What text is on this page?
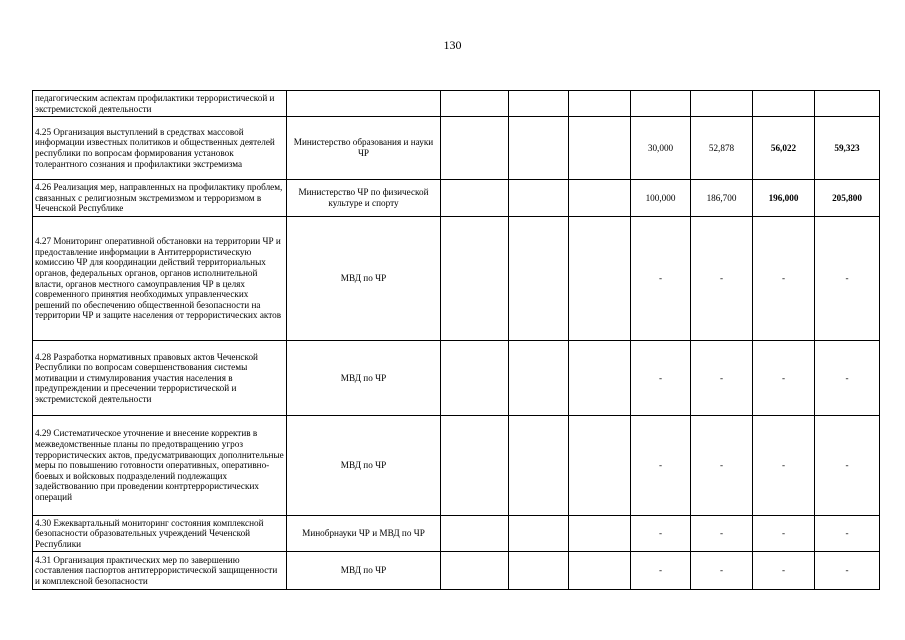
130
педагогическим аспектам профилактики террористической и экстремистской деятельности								
4.25 Организация выступлений в средствах массовой информации известных политиков и общественных деятелей республики по вопросам формирования установок толерантного сознания и профилактики экстремизма	Министерство образования и науки ЧР				30,000	52,878	56,022	59,323
4.26 Реализация мер, направленных на профилактику проблем, связанных с религиозным экстремизмом и терроризмом в Чеченской Республике	Министерство ЧР по физической культуре и спорту				100,000	186,700	196,000	205,800
4.27 Мониторинг оперативной обстановки на территории ЧР и предоставление информации в Антитеррористическую комиссию ЧР для координации действий территориальных органов, федеральных органов, органов исполнительной власти, органов местного самоуправления ЧР в целях современного принятия необходимых управленческих решений по обеспечению общественной безопасности на территории ЧР и защите населения от террористических актов	МВД по ЧР				-	-	-	-
4.28 Разработка нормативных правовых актов Чеченской Республики по вопросам совершенствования системы мотивации и стимулирования участия населения в предупреждении и пресечении террористической и экстремистской деятельности	МВД по ЧР				-	-	-	-
4.29 Систематическое уточнение и внесение корректив в межведомственные планы по предотвращению угроз террористических актов, предусматривающих дополнительные меры по повышению готовности оперативных, оперативно-боевых и войсковых подразделений подлежащих задействованию при проведении контртеррористических операций	МВД по ЧР				-	-	-	-
4.30 Ежеквартальный мониторинг состояния комплексной безопасности образовательных учреждений Чеченской Республики	Минобрнауки ЧР и МВД по ЧР				-	-	-	-
4.31 Организация практических мер по завершению составления паспортов антитеррористической защищенности и комплексной безопасности	МВД по ЧР				-	-	-	-
